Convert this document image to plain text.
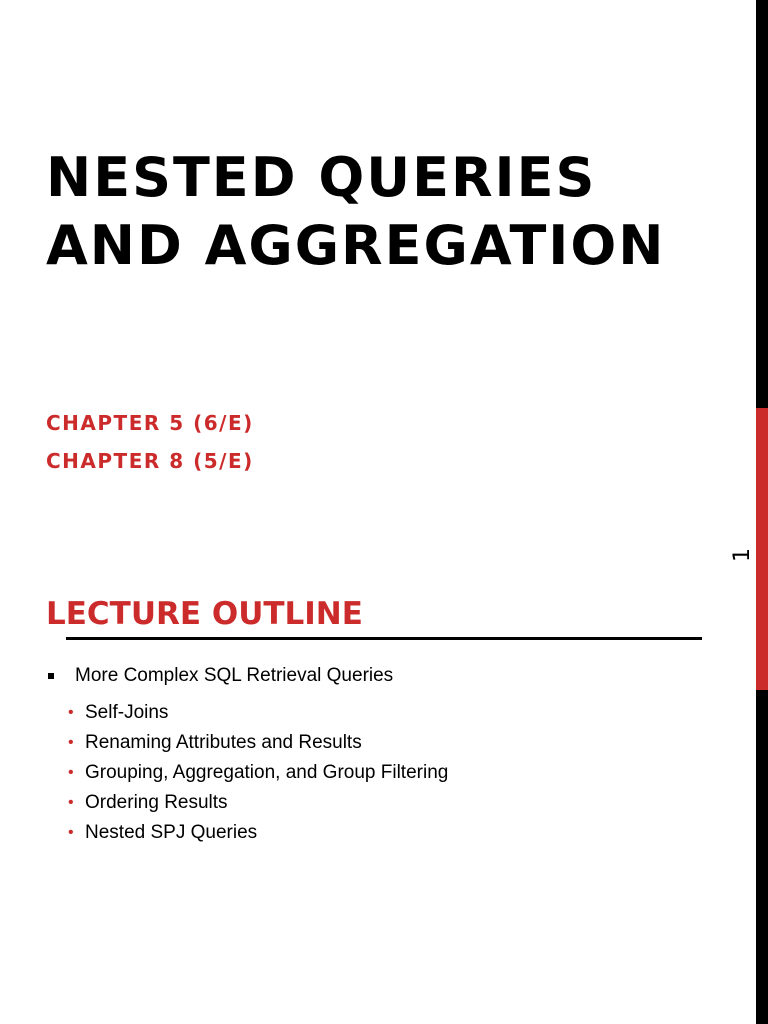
1
NESTED QUERIES
AND AGGREGATION
CHAPTER 5 (6/E)
CHAPTER 8 (5/E)
LECTURE OUTLINE
More Complex SQL Retrieval Queries
• Self-Joins
• Renaming Attributes and Results
• Grouping, Aggregation, and Group Filtering
• Ordering Results
• Nested SPJ Queries
